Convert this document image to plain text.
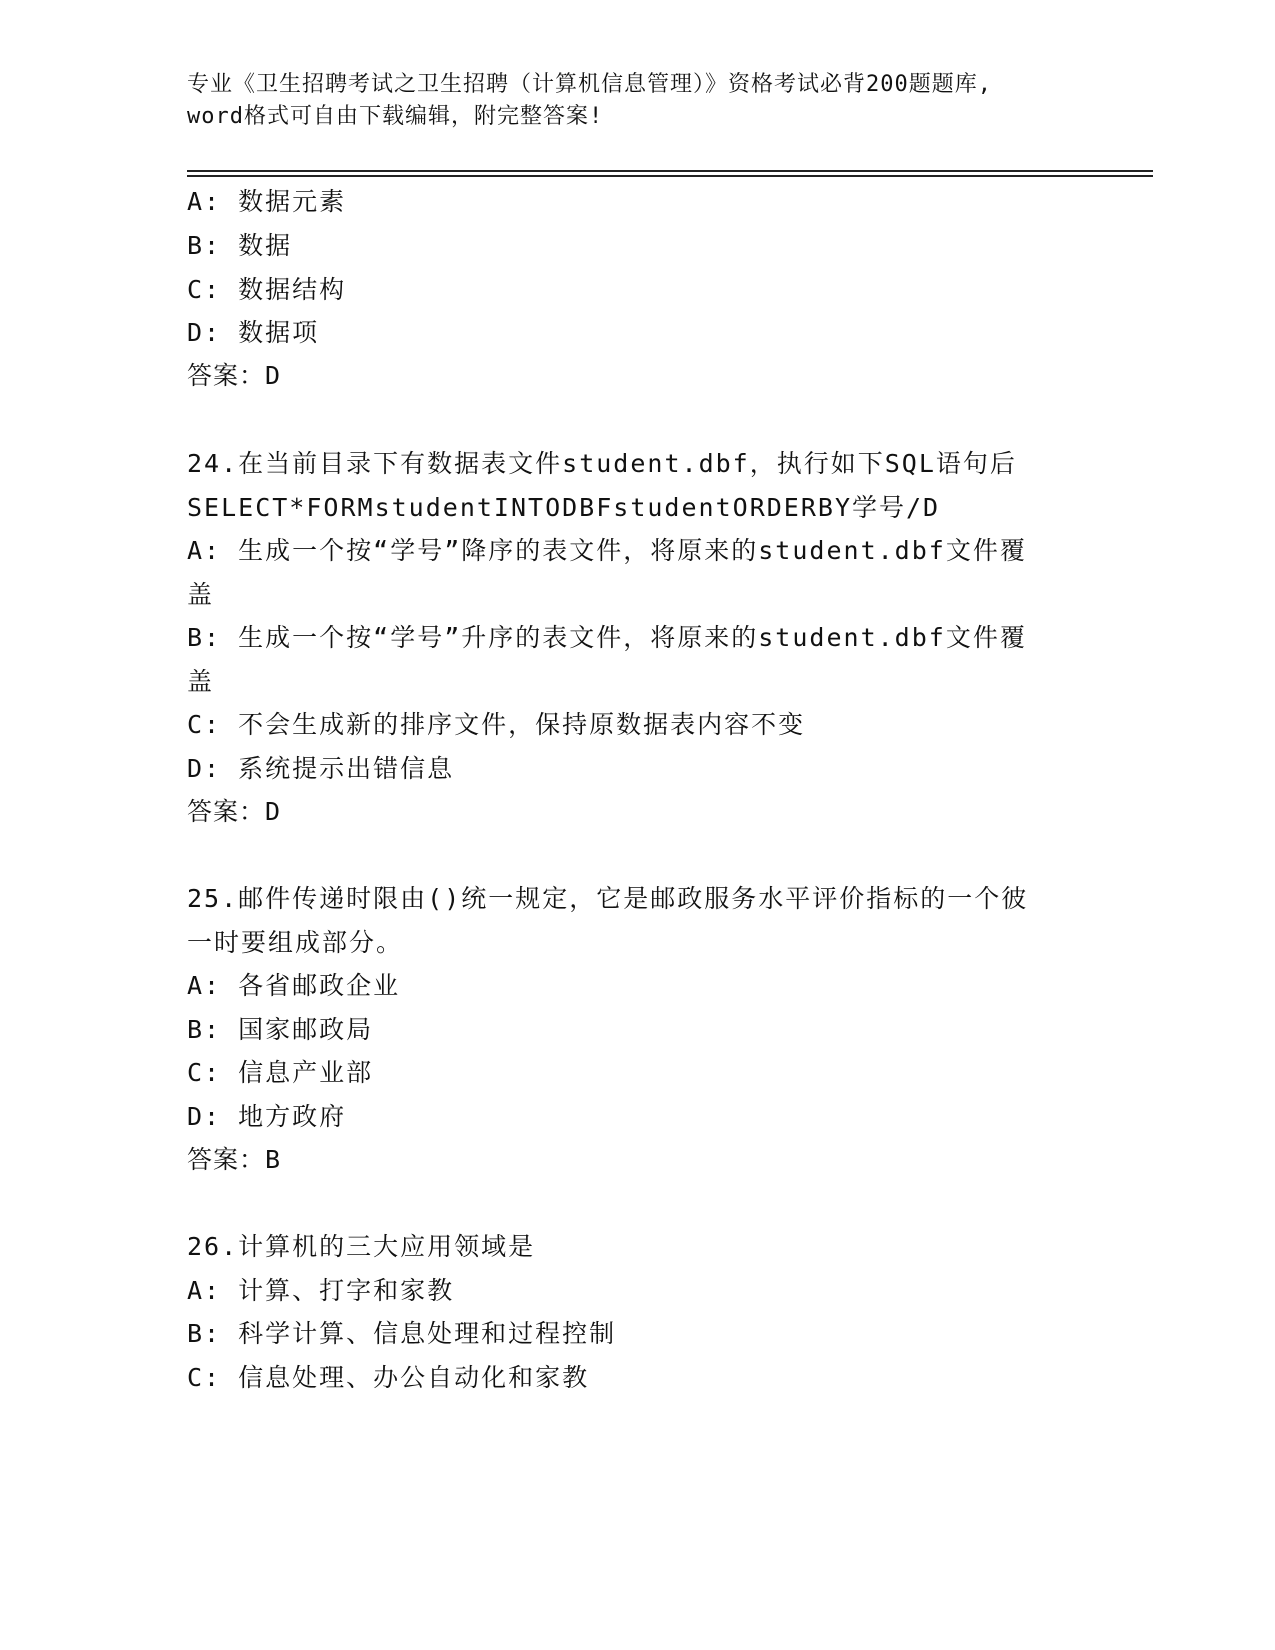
专业《卫生招聘考试之卫生招聘（计算机信息管理）》资格考试必背200题题库,
word格式可自由下载编辑，附完整答案!
A: 数据元素
B: 数据
C: 数据结构
D: 数据项
答案：D
24.在当前目录下有数据表文件student.dbf，执行如下SQL语句后
SELECT*FORMstudentINTODBFstudentORDERBY学号/D
A: 生成一个按“学号”降序的表文件，将原来的student.dbf文件覆
盖
B: 生成一个按“学号”升序的表文件，将原来的student.dbf文件覆
盖
C: 不会生成新的排序文件，保持原数据表内容不变
D: 系统提示出错信息
答案：D
25.邮件传递时限由()统一规定，它是邮政服务水平评价指标的一个彼
一时要组成部分。
A: 各省邮政企业
B: 国家邮政局
C: 信息产业部
D: 地方政府
答案：B
26.计算机的三大应用领域是
A: 计算、打字和家教
B: 科学计算、信息处理和过程控制
C: 信息处理、办公自动化和家教
